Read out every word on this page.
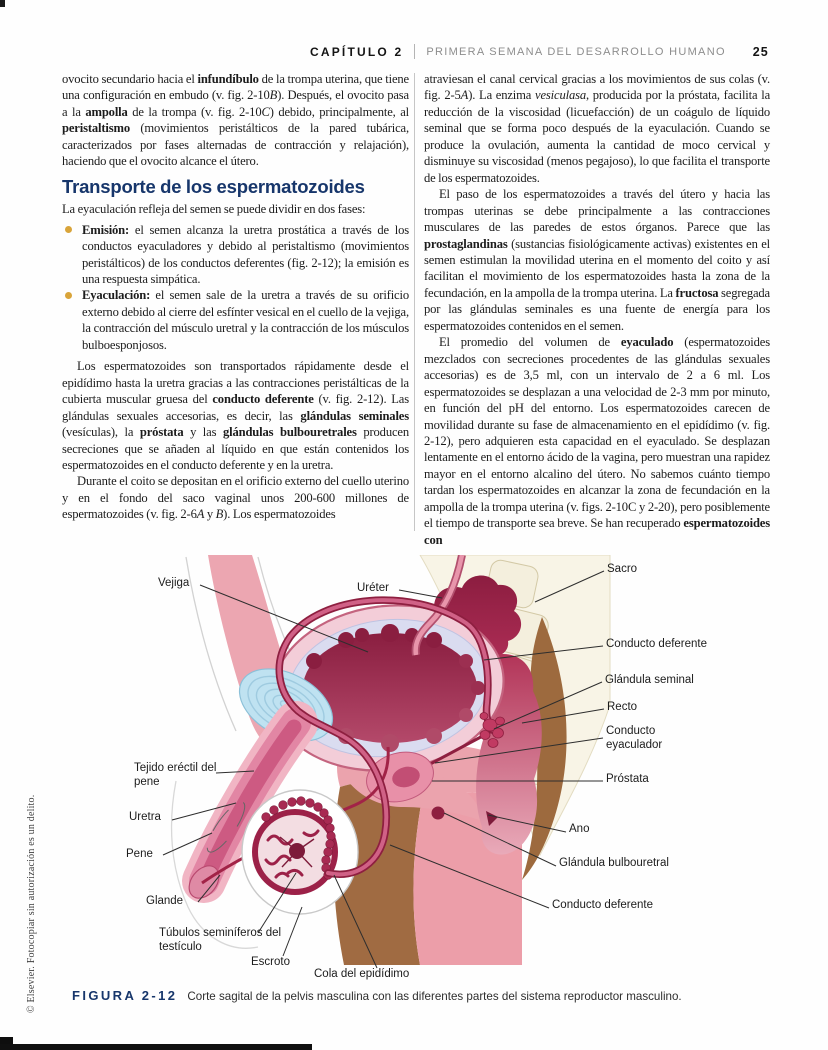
CAPÍTULO 2 PRIMERA SEMANA DEL DESARROLLO HUMANO 25

ovocito secundario hacia el infundíbulo de la trompa uterina, que tiene una configuración en embudo (v. fig. 2-10B). Después, el ovocito pasa a la ampolla de la trompa (v. fig. 2-10C) debido, principalmente, al peristaltismo (movimientos peristálticos de la pared tubárica, caracterizados por fases alternadas de contracción y relajación), haciendo que el ovocito alcance el útero.

Transporte de los espermatozoides

La eyaculación refleja del semen se puede dividir en dos fases:

Emisión: el semen alcanza la uretra prostática a través de los conductos eyaculadores y debido al peristaltismo (movimientos peristálticos) de los conductos deferentes (fig. 2-12); la emisión es una respuesta simpática.
Eyaculación: el semen sale de la uretra a través de su orificio externo debido al cierre del esfínter vesical en el cuello de la vejiga, la contracción del músculo uretral y la contracción de los músculos bulboesponjosos.

Los espermatozoides son transportados rápidamente desde el epidídimo hasta la uretra gracias a las contracciones peristálticas de la cubierta muscular gruesa del conducto deferente (v. fig. 2-12). Las glándulas sexuales accesorias, es decir, las glándulas seminales (vesículas), la próstata y las glándulas bulbouretrales producen secreciones que se añaden al líquido en que están contenidos los espermatozoides en el conducto deferente y en la uretra.

Durante el coito se depositan en el orificio externo del cuello uterino y en el fondo del saco vaginal unos 200-600 millones de espermatozoides (v. fig. 2-6A y B). Los espermatozoides

atraviesan el canal cervical gracias a los movimientos de sus colas (v. fig. 2-5A). La enzima vesiculasa, producida por la próstata, facilita la reducción de la viscosidad (licuefacción) de un coágulo de líquido seminal que se forma poco después de la eyaculación. Cuando se produce la ovulación, aumenta la cantidad de moco cervical y disminuye su viscosidad (menos pegajoso), lo que facilita el transporte de los espermatozoides.

El paso de los espermatozoides a través del útero y hacia las trompas uterinas se debe principalmente a las contracciones musculares de las paredes de estos órganos. Parece que las prostaglandinas (sustancias fisiológicamente activas) existentes en el semen estimulan la movilidad uterina en el momento del coito y así facilitan el movimiento de los espermatozoides hasta la zona de la fecundación, en la ampolla de la trompa uterina. La fructosa segregada por las glándulas seminales es una fuente de energía para los espermatozoides contenidos en el semen.

El promedio del volumen de eyaculado (espermatozoides mezclados con secreciones procedentes de las glándulas sexuales accesorias) es de 3,5 ml, con un intervalo de 2 a 6 ml. Los espermatozoides se desplazan a una velocidad de 2-3 mm por minuto, en función del pH del entorno. Los espermatozoides carecen de movilidad durante su fase de almacenamiento en el epidídimo (v. fig. 2-12), pero adquieren esta capacidad en el eyaculado. Se desplazan lentamente en el entorno ácido de la vagina, pero muestran una rapidez mayor en el entorno alcalino del útero. No sabemos cuánto tiempo tardan los espermatozoides en alcanzar la zona de fecundación en la ampolla de la trompa uterina (v. figs. 2-10C y 2-20), pero posiblemente el tiempo de transporte sea breve. Se han recuperado espermatozoides con

Vejiga	Uréter
Sacro
Conducto deferente
Glándula seminal
Recto
Conducto eyaculador
Próstata
Tejido eréctil del pene
Uretra
Pene
Glande
Ano
Glándula bulbouretral
Túbulos seminíferos del testículo
Escroto
Conducto deferente
Cola del epidídimo
FIGURA 2-12 Corte sagital de la pelvis masculina con las diferentes partes del sistema reproductor masculino.
© Elsevier. Fotocopiar sin autorización es un delito.
